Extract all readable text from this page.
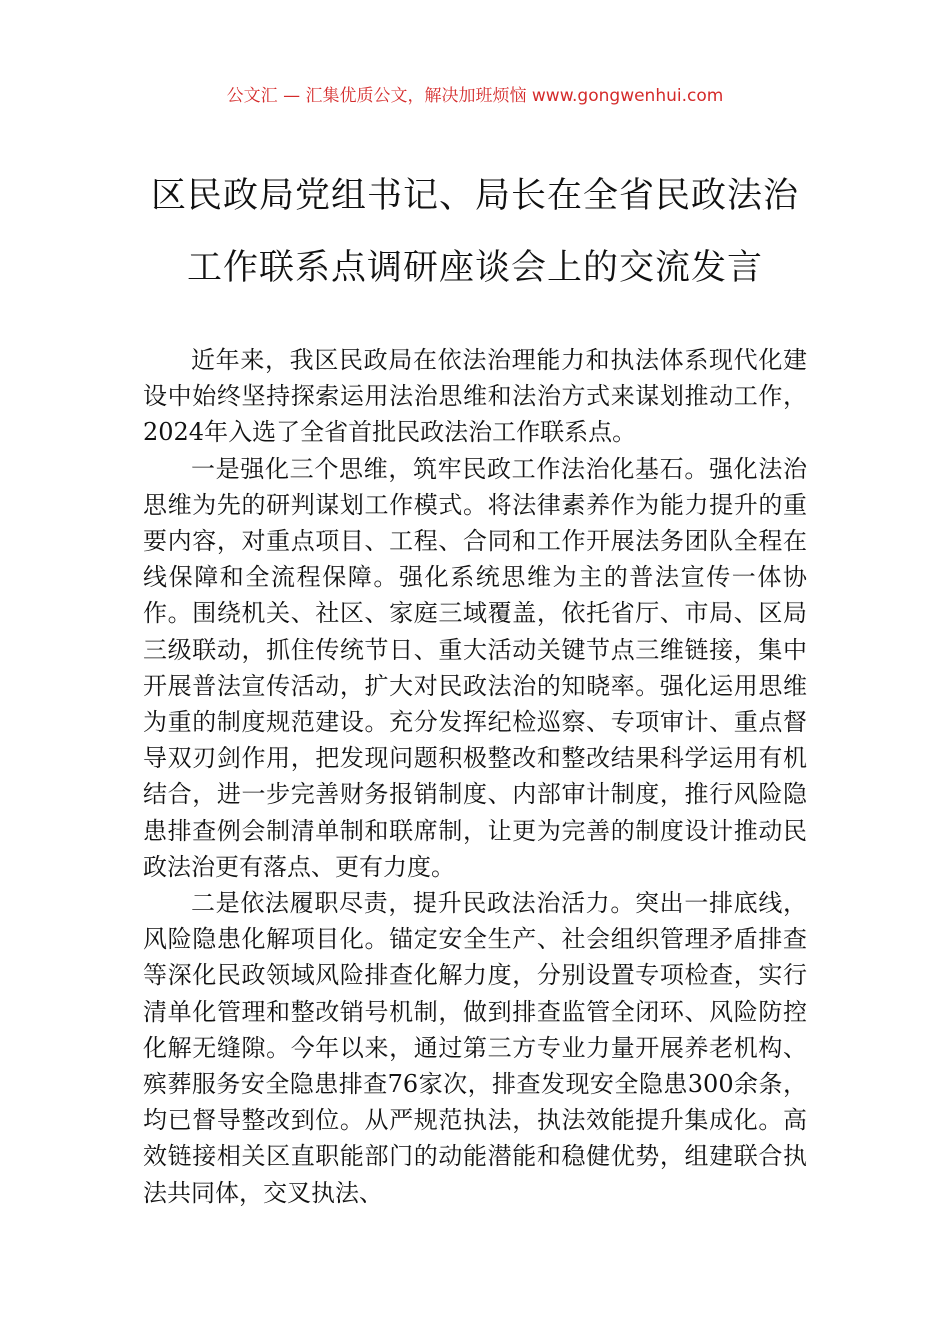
公文汇 — 汇集优质公文，解决加班烦恼 www.gongwenhui.com
区民政局党组书记、局长在全省民政法治
工作联系点调研座谈会上的交流发言

近年来，我区民政局在依法治理能力和执法体系现代化建设中始终坚持探索运用法治思维和法治方式来谋划推动工作，2024年入选了全省首批民政法治工作联系点。

一是强化三个思维，筑牢民政工作法治化基石。强化法治思维为先的研判谋划工作模式。将法律素养作为能力提升的重要内容，对重点项目、工程、合同和工作开展法务团队全程在线保障和全流程保障。强化系统思维为主的普法宣传一体协作。围绕机关、社区、家庭三域覆盖，依托省厅、市局、区局三级联动，抓住传统节日、重大活动关键节点三维链接，集中开展普法宣传活动，扩大对民政法治的知晓率。强化运用思维为重的制度规范建设。充分发挥纪检巡察、专项审计、重点督导双刃剑作用，把发现问题积极整改和整改结果科学运用有机结合，进一步完善财务报销制度、内部审计制度，推行风险隐患排查例会制清单制和联席制，让更为完善的制度设计推动民政法治更有落点、更有力度。

二是依法履职尽责，提升民政法治活力。突出一排底线，风险隐患化解项目化。锚定安全生产、社会组织管理矛盾排查等深化民政领域风险排查化解力度，分别设置专项检查，实行清单化管理和整改销号机制，做到排查监管全闭环、风险防控化解无缝隙。今年以来，通过第三方专业力量开展养老机构、殡葬服务安全隐患排查76家次，排查发现安全隐患300余条，均已督导整改到位。从严规范执法，执法效能提升集成化。高效链接相关区直职能部门的动能潜能和稳健优势，组建联合执法共同体，交叉执法、
